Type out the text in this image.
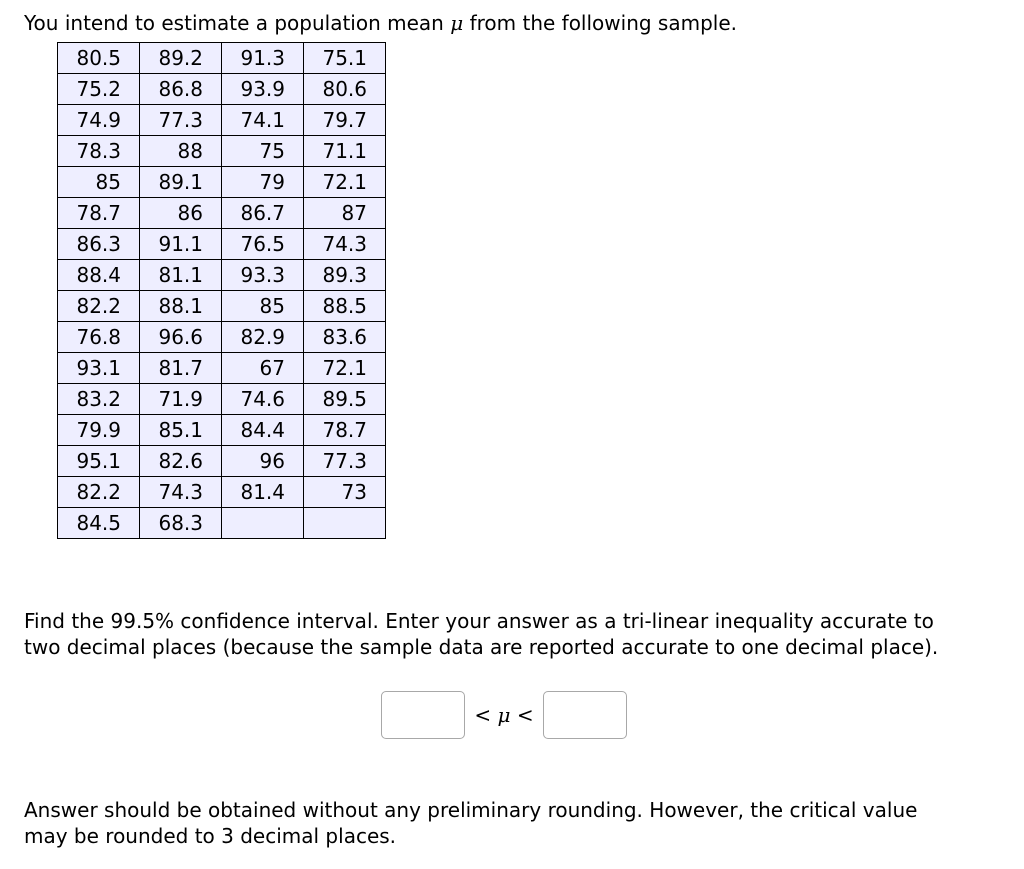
You intend to estimate a population mean μ from the following sample.

80.5	89.2	91.3	75.1
75.2	86.8	93.9	80.6
74.9	77.3	74.1	79.7
78.3	88	75	71.1
85	89.1	79	72.1
78.7	86	86.7	87
86.3	91.1	76.5	74.3
88.4	81.1	93.3	89.3
82.2	88.1	85	88.5
76.8	96.6	82.9	83.6
93.1	81.7	67	72.1
83.2	71.9	74.6	89.5
79.9	85.1	84.4	78.7
95.1	82.6	96	77.3
82.2	74.3	81.4	73
84.5	68.3		

Find the 99.5% confidence interval. Enter your answer as a tri-linear inequality accurate to

two decimal places (because the sample data are reported accurate to one decimal place).

< μ <

Answer should be obtained without any preliminary rounding. However, the critical value

may be rounded to 3 decimal places.
